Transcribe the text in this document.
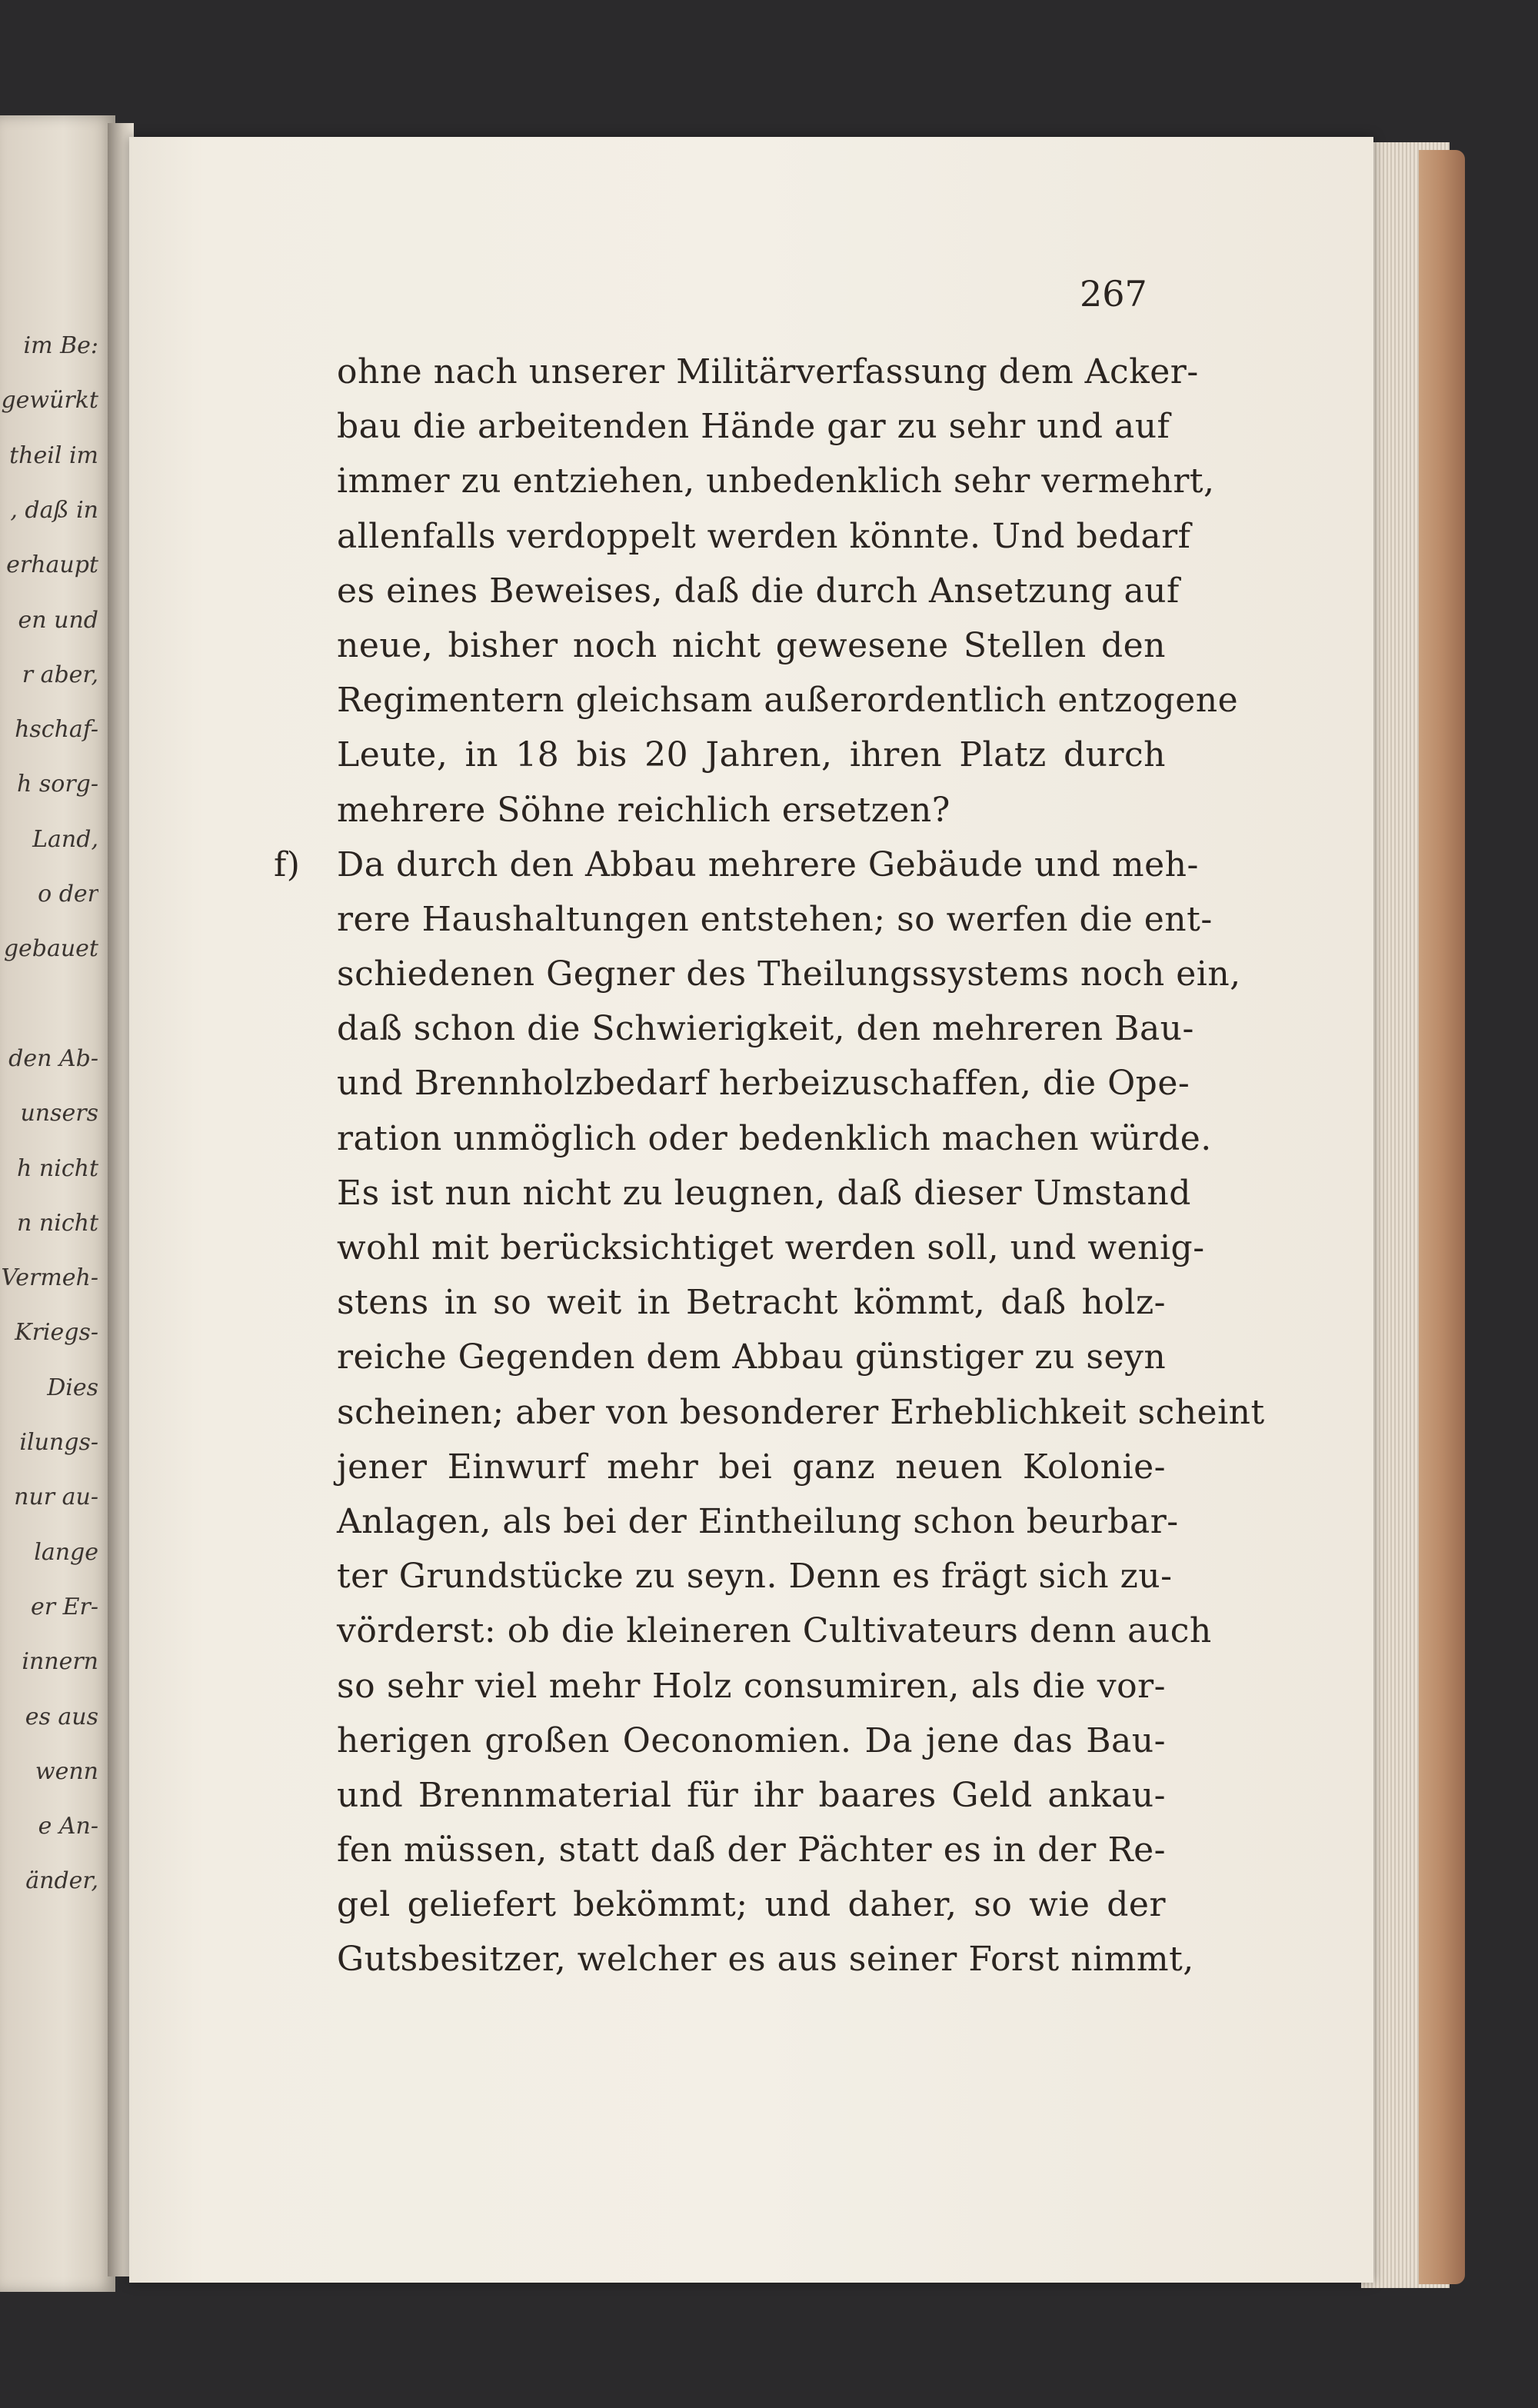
im Be:
gewürkt
theil im
, daß in
erhaupt
en und
r aber,
hschaf-
h sorg-
Land,
o der
gebauet
den Ab-
unsers
h nicht
n nicht
Vermeh-
Kriegs-
Dies
ilungs-
nur au-
lange
er Er-
innern
es aus
wenn
e An-
änder,
267
ohne nach unserer Militärverfassung dem Acker-
bau die arbeitenden Hände gar zu sehr und auf
immer zu entziehen, unbedenklich sehr vermehrt,
allenfalls verdoppelt werden könnte. Und bedarf
es eines Beweises, daß die durch Ansetzung auf
neue, bisher noch nicht gewesene Stellen den
Regimentern gleichsam außerordentlich entzogene
Leute, in 18 bis 20 Jahren, ihren Platz durch
mehrere Söhne reichlich ersetzen?
Da durch den Abbau mehrere Gebäude und meh-
f)
rere Haushaltungen entstehen; so werfen die ent-
schiedenen Gegner des Theilungssystems noch ein,
daß schon die Schwierigkeit, den mehreren Bau-
und Brennholzbedarf herbeizuschaffen, die Ope-
ration unmöglich oder bedenklich machen würde.
Es ist nun nicht zu leugnen, daß dieser Umstand
wohl mit berücksichtiget werden soll, und wenig-
stens in so weit in Betracht kömmt, daß holz-
reiche Gegenden dem Abbau günstiger zu seyn
scheinen; aber von besonderer Erheblichkeit scheint
jener Einwurf mehr bei ganz neuen Kolonie-
Anlagen, als bei der Eintheilung schon beurbar-
ter Grundstücke zu seyn. Denn es frägt sich zu-
vörderst: ob die kleineren Cultivateurs denn auch
so sehr viel mehr Holz consumiren, als die vor-
herigen großen Oeconomien. Da jene das Bau-
und Brennmaterial für ihr baares Geld ankau-
fen müssen, statt daß der Pächter es in der Re-
gel geliefert bekömmt; und daher, so wie der
Gutsbesitzer, welcher es aus seiner Forst nimmt,
